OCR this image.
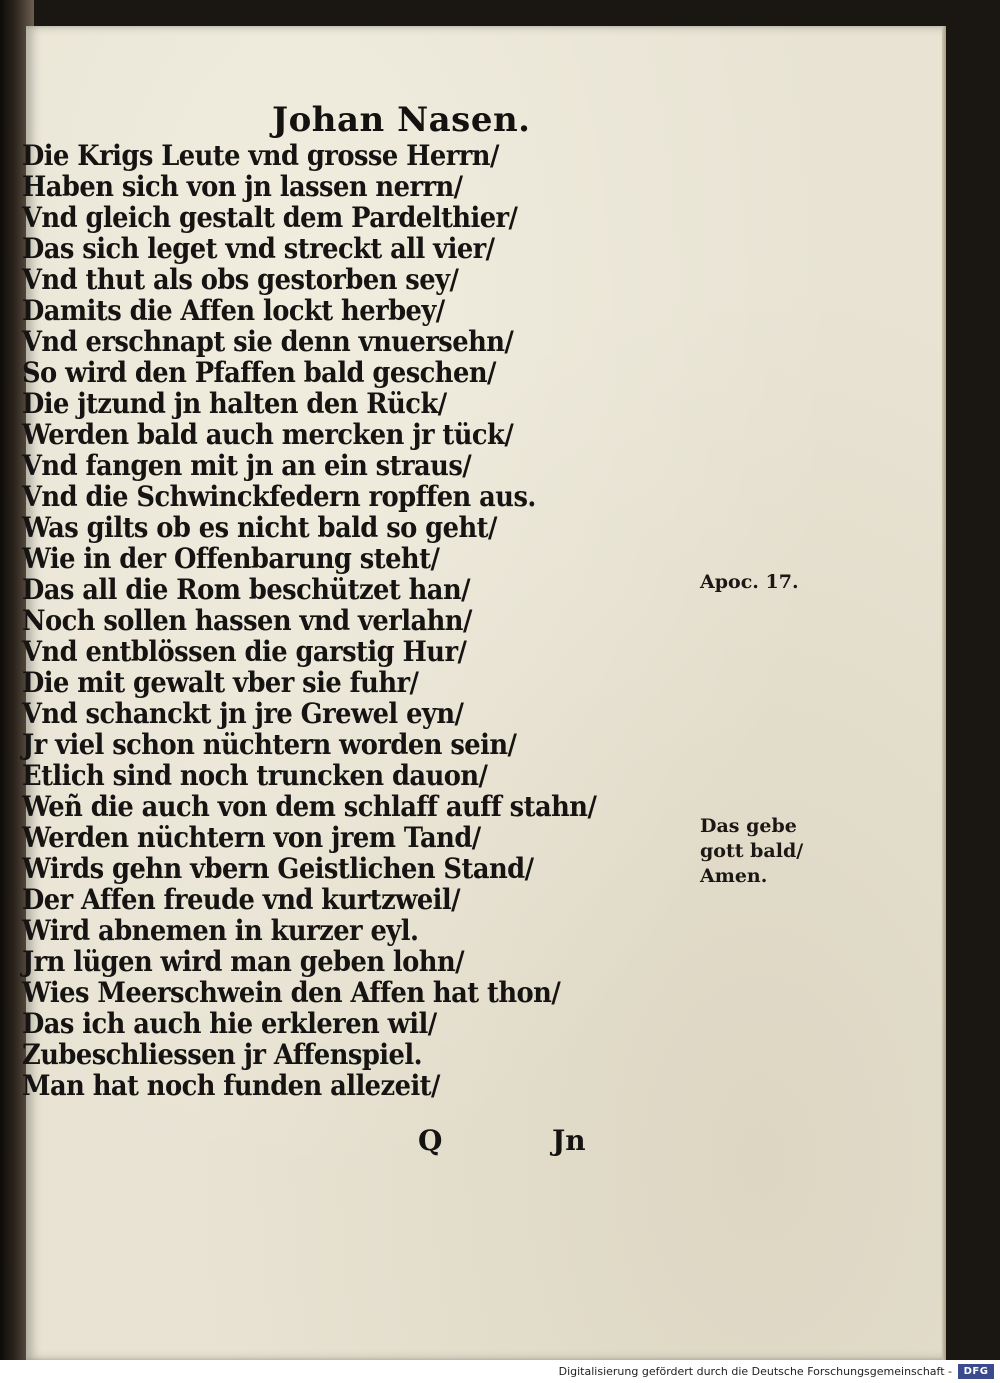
Johan Nasen.
Die Krigs Leute vnd grosse Herrn/
Haben sich von jn lassen nerrn/
Vnd gleich gestalt dem Pardelthier/
Das sich leget vnd streckt all vier/
Vnd thut als obs gestorben sey/
Damits die Affen lockt herbey/
Vnd erschnapt sie denn vnuersehn/
So wird den Pfaffen bald geschen/
Die jtzund jn halten den Rück/
Werden bald auch mercken jr tück/
Vnd fangen mit jn an ein straus/
Vnd die Schwinckfedern ropffen aus.
Was gilts ob es nicht bald so geht/
Wie in der Offenbarung steht/
Das all die Rom beschützet han/
Noch sollen hassen vnd verlahn/
Vnd entblössen die garstig Hur/
Die mit gewalt vber sie fuhr/
Vnd schanckt jn jre Grewel eyn/
Jr viel schon nüchtern worden sein/
Etlich sind noch truncken dauon/
Weñ die auch von dem schlaff auff stahn/
Werden nüchtern von jrem Tand/
Wirds gehn vbern Geistlichen Stand/
Der Affen freude vnd kurtzweil/
Wird abnemen in kurzer eyl.
Jrn lügen wird man geben lohn/
Wies Meerschwein den Affen hat thon/
Das ich auch hie erkleren wil/
Zubeschliessen jr Affenspiel.
Man hat noch funden allezeit/
Apoc. 17.
Das gebe
gott bald/
Amen.
Q	Jn
Digitalisierung gefördert durch die Deutsche Forschungsgemeinschaft -	DFG
